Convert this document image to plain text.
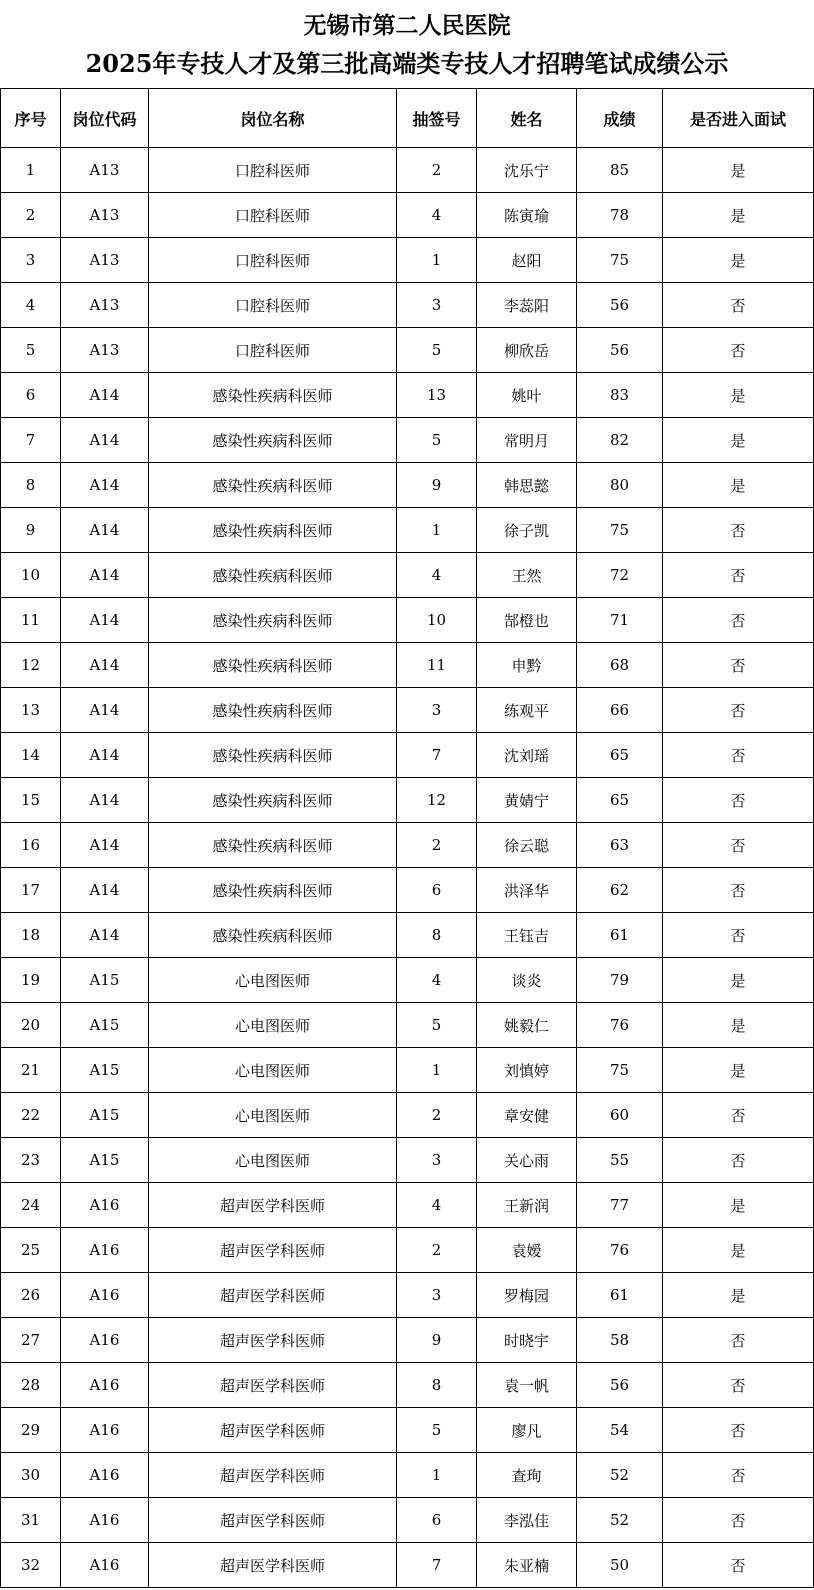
无锡市第二人民医院
2025年专技人才及第三批高端类专技人才招聘笔试成绩公示
序号	岗位代码	岗位名称	抽签号	姓名	成绩	是否进入面试
1	A13	口腔科医师	2	沈乐宁	85	是
2	A13	口腔科医师	4	陈寅瑜	78	是
3	A13	口腔科医师	1	赵阳	75	是
4	A13	口腔科医师	3	李蕊阳	56	否
5	A13	口腔科医师	5	柳欣岳	56	否
6	A14	感染性疾病科医师	13	姚叶	83	是
7	A14	感染性疾病科医师	5	常明月	82	是
8	A14	感染性疾病科医师	9	韩思懿	80	是
9	A14	感染性疾病科医师	1	徐子凯	75	否
10	A14	感染性疾病科医师	4	王然	72	否
11	A14	感染性疾病科医师	10	郜橙也	71	否
12	A14	感染性疾病科医师	11	申黔	68	否
13	A14	感染性疾病科医师	3	练观平	66	否
14	A14	感染性疾病科医师	7	沈刘瑶	65	否
15	A14	感染性疾病科医师	12	黄婧宁	65	否
16	A14	感染性疾病科医师	2	徐云聪	63	否
17	A14	感染性疾病科医师	6	洪泽华	62	否
18	A14	感染性疾病科医师	8	王钰吉	61	否
19	A15	心电图医师	4	谈炎	79	是
20	A15	心电图医师	5	姚毅仁	76	是
21	A15	心电图医师	1	刘慎婷	75	是
22	A15	心电图医师	2	章安健	60	否
23	A15	心电图医师	3	关心雨	55	否
24	A16	超声医学科医师	4	王新润	77	是
25	A16	超声医学科医师	2	袁嫒	76	是
26	A16	超声医学科医师	3	罗梅园	61	是
27	A16	超声医学科医师	9	时晓宇	58	否
28	A16	超声医学科医师	8	袁一帆	56	否
29	A16	超声医学科医师	5	廖凡	54	否
30	A16	超声医学科医师	1	查珣	52	否
31	A16	超声医学科医师	6	李泓佳	52	否
32	A16	超声医学科医师	7	朱亚楠	50	否
